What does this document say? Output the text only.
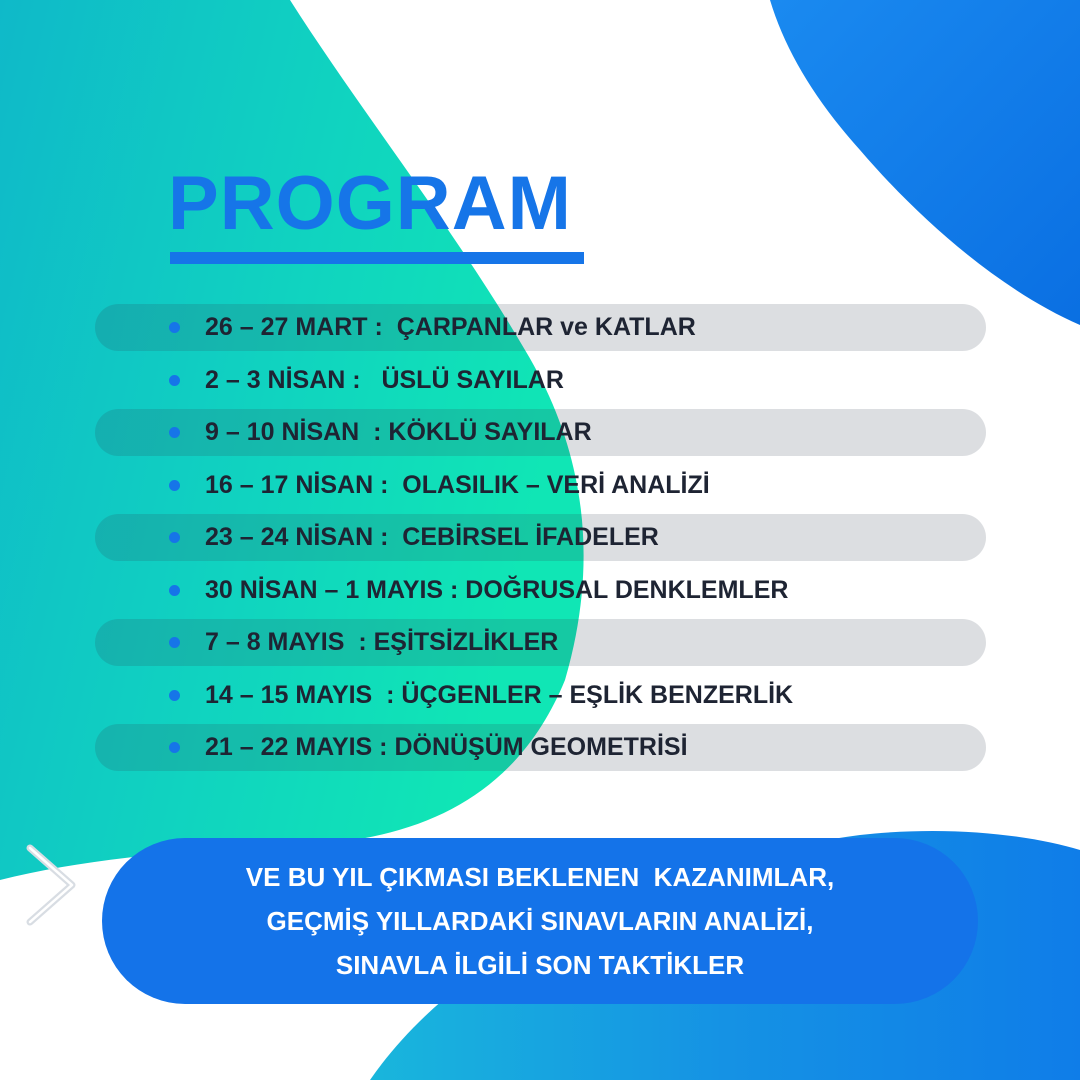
PROGRAM
26 – 27 MART :  ÇARPANLAR ve KATLAR
2 – 3 NİSAN :   ÜSLÜ SAYILAR
9 – 10 NİSAN  : KÖKLÜ SAYILAR
16 – 17 NİSAN :  OLASILIK – VERİ ANALİZİ
23 – 24 NİSAN :  CEBİRSEL İFADELER
30 NİSAN – 1 MAYIS : DOĞRUSAL DENKLEMLER
7 – 8 MAYIS  : EŞİTSİZLİKLER
14 – 15 MAYIS  : ÜÇGENLER – EŞLİK BENZERLİK
21 – 22 MAYIS : DÖNÜŞÜM GEOMETRİSİ
VE BU YIL ÇIKMASI BEKLENEN  KAZANIMLAR,
GEÇMİŞ YILLARDAKİ SINAVLARIN ANALİZİ,
SINAVLA İLGİLİ SON TAKTİKLER
